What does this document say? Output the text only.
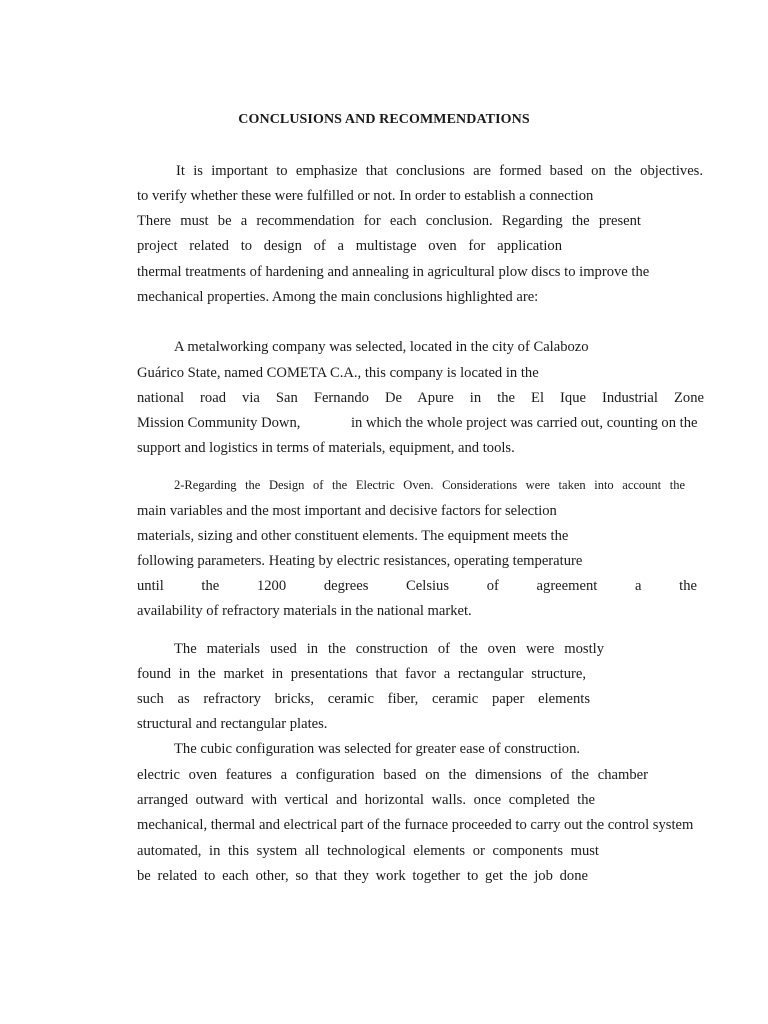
CONCLUSIONS AND RECOMMENDATIONS
It is important to emphasize that conclusions are formed based on the objectives.
to verify whether these were fulfilled or not. In order to establish a connection
There must be a recommendation for each conclusion. Regarding the present
project related to design of a multistage oven for application
thermal treatments of hardening and annealing in agricultural plow discs to improve the
mechanical properties. Among the main conclusions highlighted are:
A metalworking company was selected, located in the city of Calabozo
Guárico State, named COMETA C.A., this company is located in the
national road via San Fernando De Apure in the El Ique Industrial Zone
Mission Community Down,	in which the whole project was carried out, counting on the
support and logistics in terms of materials, equipment, and tools.
2-Regarding the Design of the Electric Oven. Considerations were taken into account the
main variables and the most important and decisive factors for selection
materials, sizing and other constituent elements. The equipment meets the
following parameters. Heating by electric resistances, operating temperature
until the 1200 degrees Celsius of agreement a the
availability of refractory materials in the national market.
The materials used in the construction of the oven were mostly
found in the market in presentations that favor a rectangular structure,
such as refractory bricks, ceramic fiber, ceramic paper elements
structural and rectangular plates.
The cubic configuration was selected for greater ease of construction.
electric oven features a configuration based on the dimensions of the chamber
arranged outward with vertical and horizontal walls. once completed the
mechanical, thermal and electrical part of the furnace proceeded to carry out the control system
automated, in this system all technological elements or components must
be related to each other, so that they work together to get the job done
